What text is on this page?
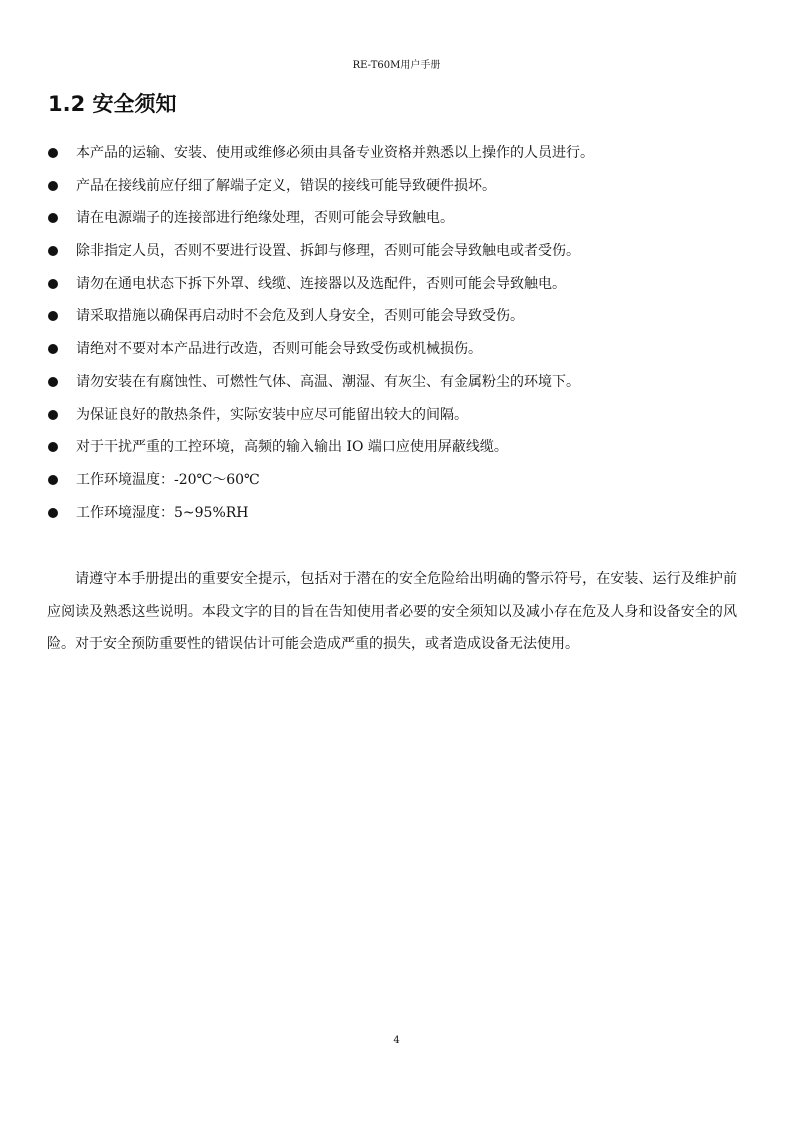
RE-T60M用户手册
1.2 安全须知
本产品的运输、安装、使用或维修必须由具备专业资格并熟悉以上操作的人员进行。
产品在接线前应仔细了解端子定义，错误的接线可能导致硬件损坏。
请在电源端子的连接部进行绝缘处理，否则可能会导致触电。
除非指定人员，否则不要进行设置、拆卸与修理，否则可能会导致触电或者受伤。
请勿在通电状态下拆下外罩、线缆、连接器以及选配件，否则可能会导致触电。
请采取措施以确保再启动时不会危及到人身安全，否则可能会导致受伤。
请绝对不要对本产品进行改造，否则可能会导致受伤或机械损伤。
请勿安装在有腐蚀性、可燃性气体、高温、潮湿、有灰尘、有金属粉尘的环境下。
为保证良好的散热条件，实际安装中应尽可能留出较大的间隔。
对于干扰严重的工控环境，高频的输入输出 IO 端口应使用屏蔽线缆。
工作环境温度：-20℃～60℃
工作环境湿度：5~95%RH

请遵守本手册提出的重要安全提示，包括对于潜在的安全危险给出明确的警示符号，在安装、运行及维护前应阅读及熟悉这些说明。本段文字的目的旨在告知使用者必要的安全须知以及减小存在危及人身和设备安全的风险。对于安全预防重要性的错误估计可能会造成严重的损失，或者造成设备无法使用。

4
